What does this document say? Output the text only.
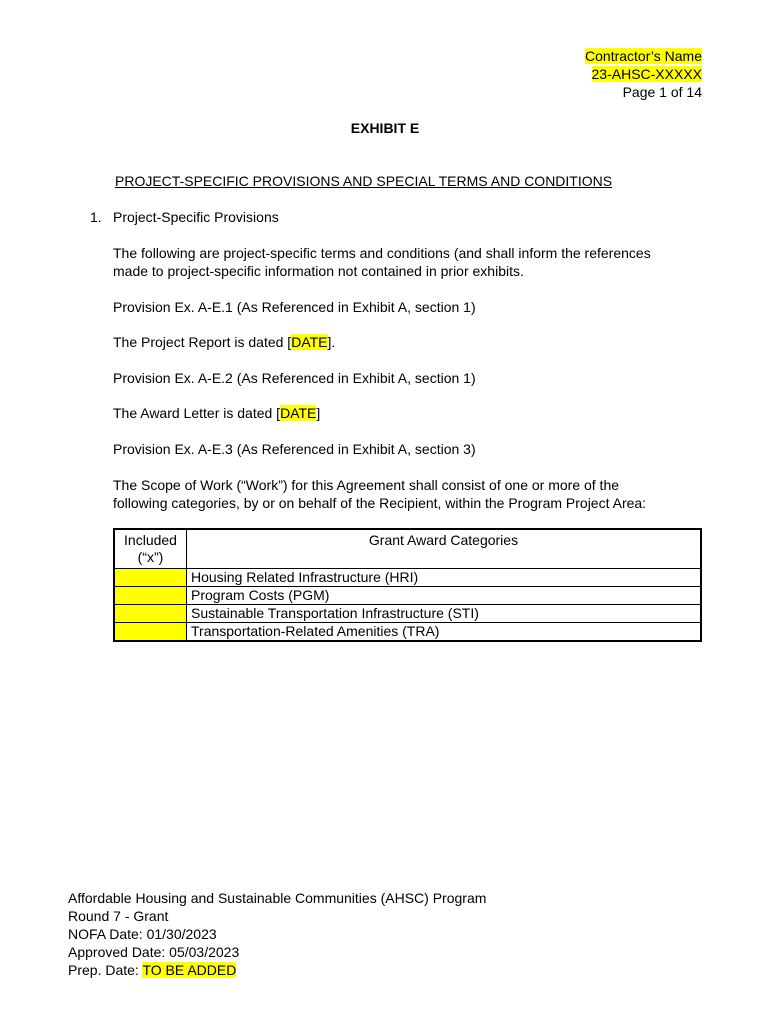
Contractor’s Name
23-AHSC-XXXXX
Page 1 of 14
EXHIBIT E
PROJECT-SPECIFIC PROVISIONS AND SPECIAL TERMS AND CONDITIONS
1. Project-Specific Provisions
The following are project-specific terms and conditions (and shall inform the references
made to project-specific information not contained in prior exhibits.
Provision Ex. A-E.1 (As Referenced in Exhibit A, section 1)
The Project Report is dated [DATE].
Provision Ex. A-E.2 (As Referenced in Exhibit A, section 1)
The Award Letter is dated [DATE]
Provision Ex. A-E.3 (As Referenced in Exhibit A, section 3)
The Scope of Work (“Work”) for this Agreement shall consist of one or more of the
following categories, by or on behalf of the Recipient, within the Program Project Area:
Included
(“x”)	Grant Award Categories
	Housing Related Infrastructure (HRI)
	Program Costs (PGM)
	Sustainable Transportation Infrastructure (STI)
	Transportation-Related Amenities (TRA)
Affordable Housing and Sustainable Communities (AHSC) Program
Round 7 - Grant
NOFA Date: 01/30/2023
Approved Date: 05/03/2023
Prep. Date: TO BE ADDED
